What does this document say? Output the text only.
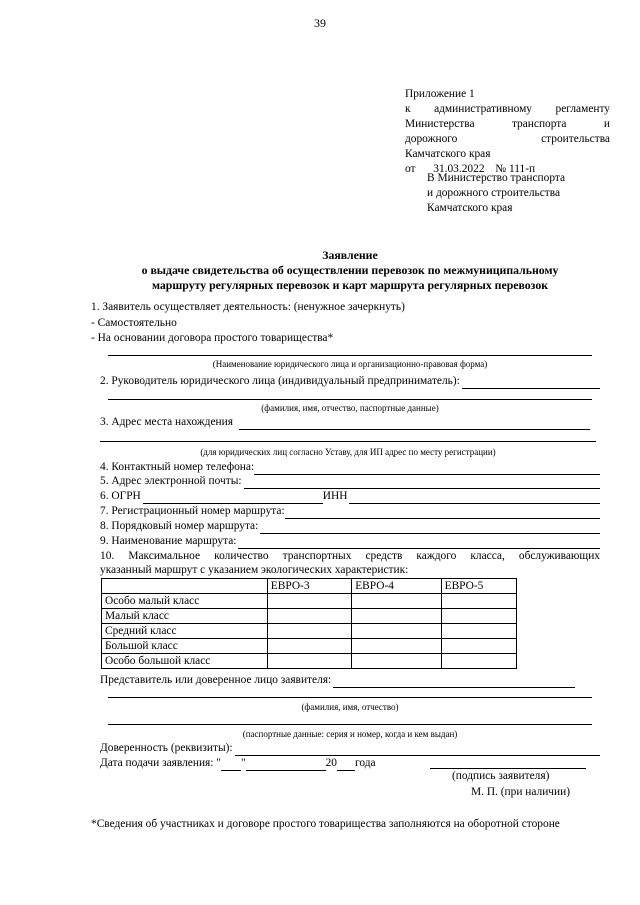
39
Приложение 1
к административному регламенту
Министерства транспорта и
дорожного строительства
Камчатского края
от 31.03.2022 № 111-п
В Министерство транспорта
и дорожного строительства
Камчатского края
Заявление
о выдаче свидетельства об осуществлении перевозок по межмуниципальному
маршруту регулярных перевозок и карт маршрута регулярных перевозок
1. Заявитель осуществляет деятельность: (ненужное зачеркнуть)
- Самостоятельно
- На основании договора простого товарищества*
(Наименование юридического лица и организационно-правовая форма)
2. Руководитель юридического лица (индивидуальный предприниматель):
(фамилия, имя, отчество, паспортные данные)
3. Адрес места нахождения
(для юридических лиц согласно Уставу, для ИП адрес по месту регистрации)
4. Контактный номер телефона:
5. Адрес электронной почты:
6. ОГРН	ИНН
7. Регистрационный номер маршрута:
8. Порядковый номер маршрута:
9. Наименование маршрута:
10. Максимальное количество транспортных средств каждого класса, обслуживающих
указанный маршрут с указанием экологических характеристик:
	ЕВРО-3	ЕВРО-4	ЕВРО-5
Особо малый класс			
Малый класс			
Средний класс			
Большой класс			
Особо большой класс			
Представитель или доверенное лицо заявителя:
(фамилия, имя, отчество)
(паспортные данные: серия и номер, когда и кем выдан)
Доверенность (реквизиты):
Дата подачи заявления: " "	20 года
(подпись заявителя)
М. П. (при наличии)
*Сведения об участниках и договоре простого товарищества заполняются на оборотной стороне
